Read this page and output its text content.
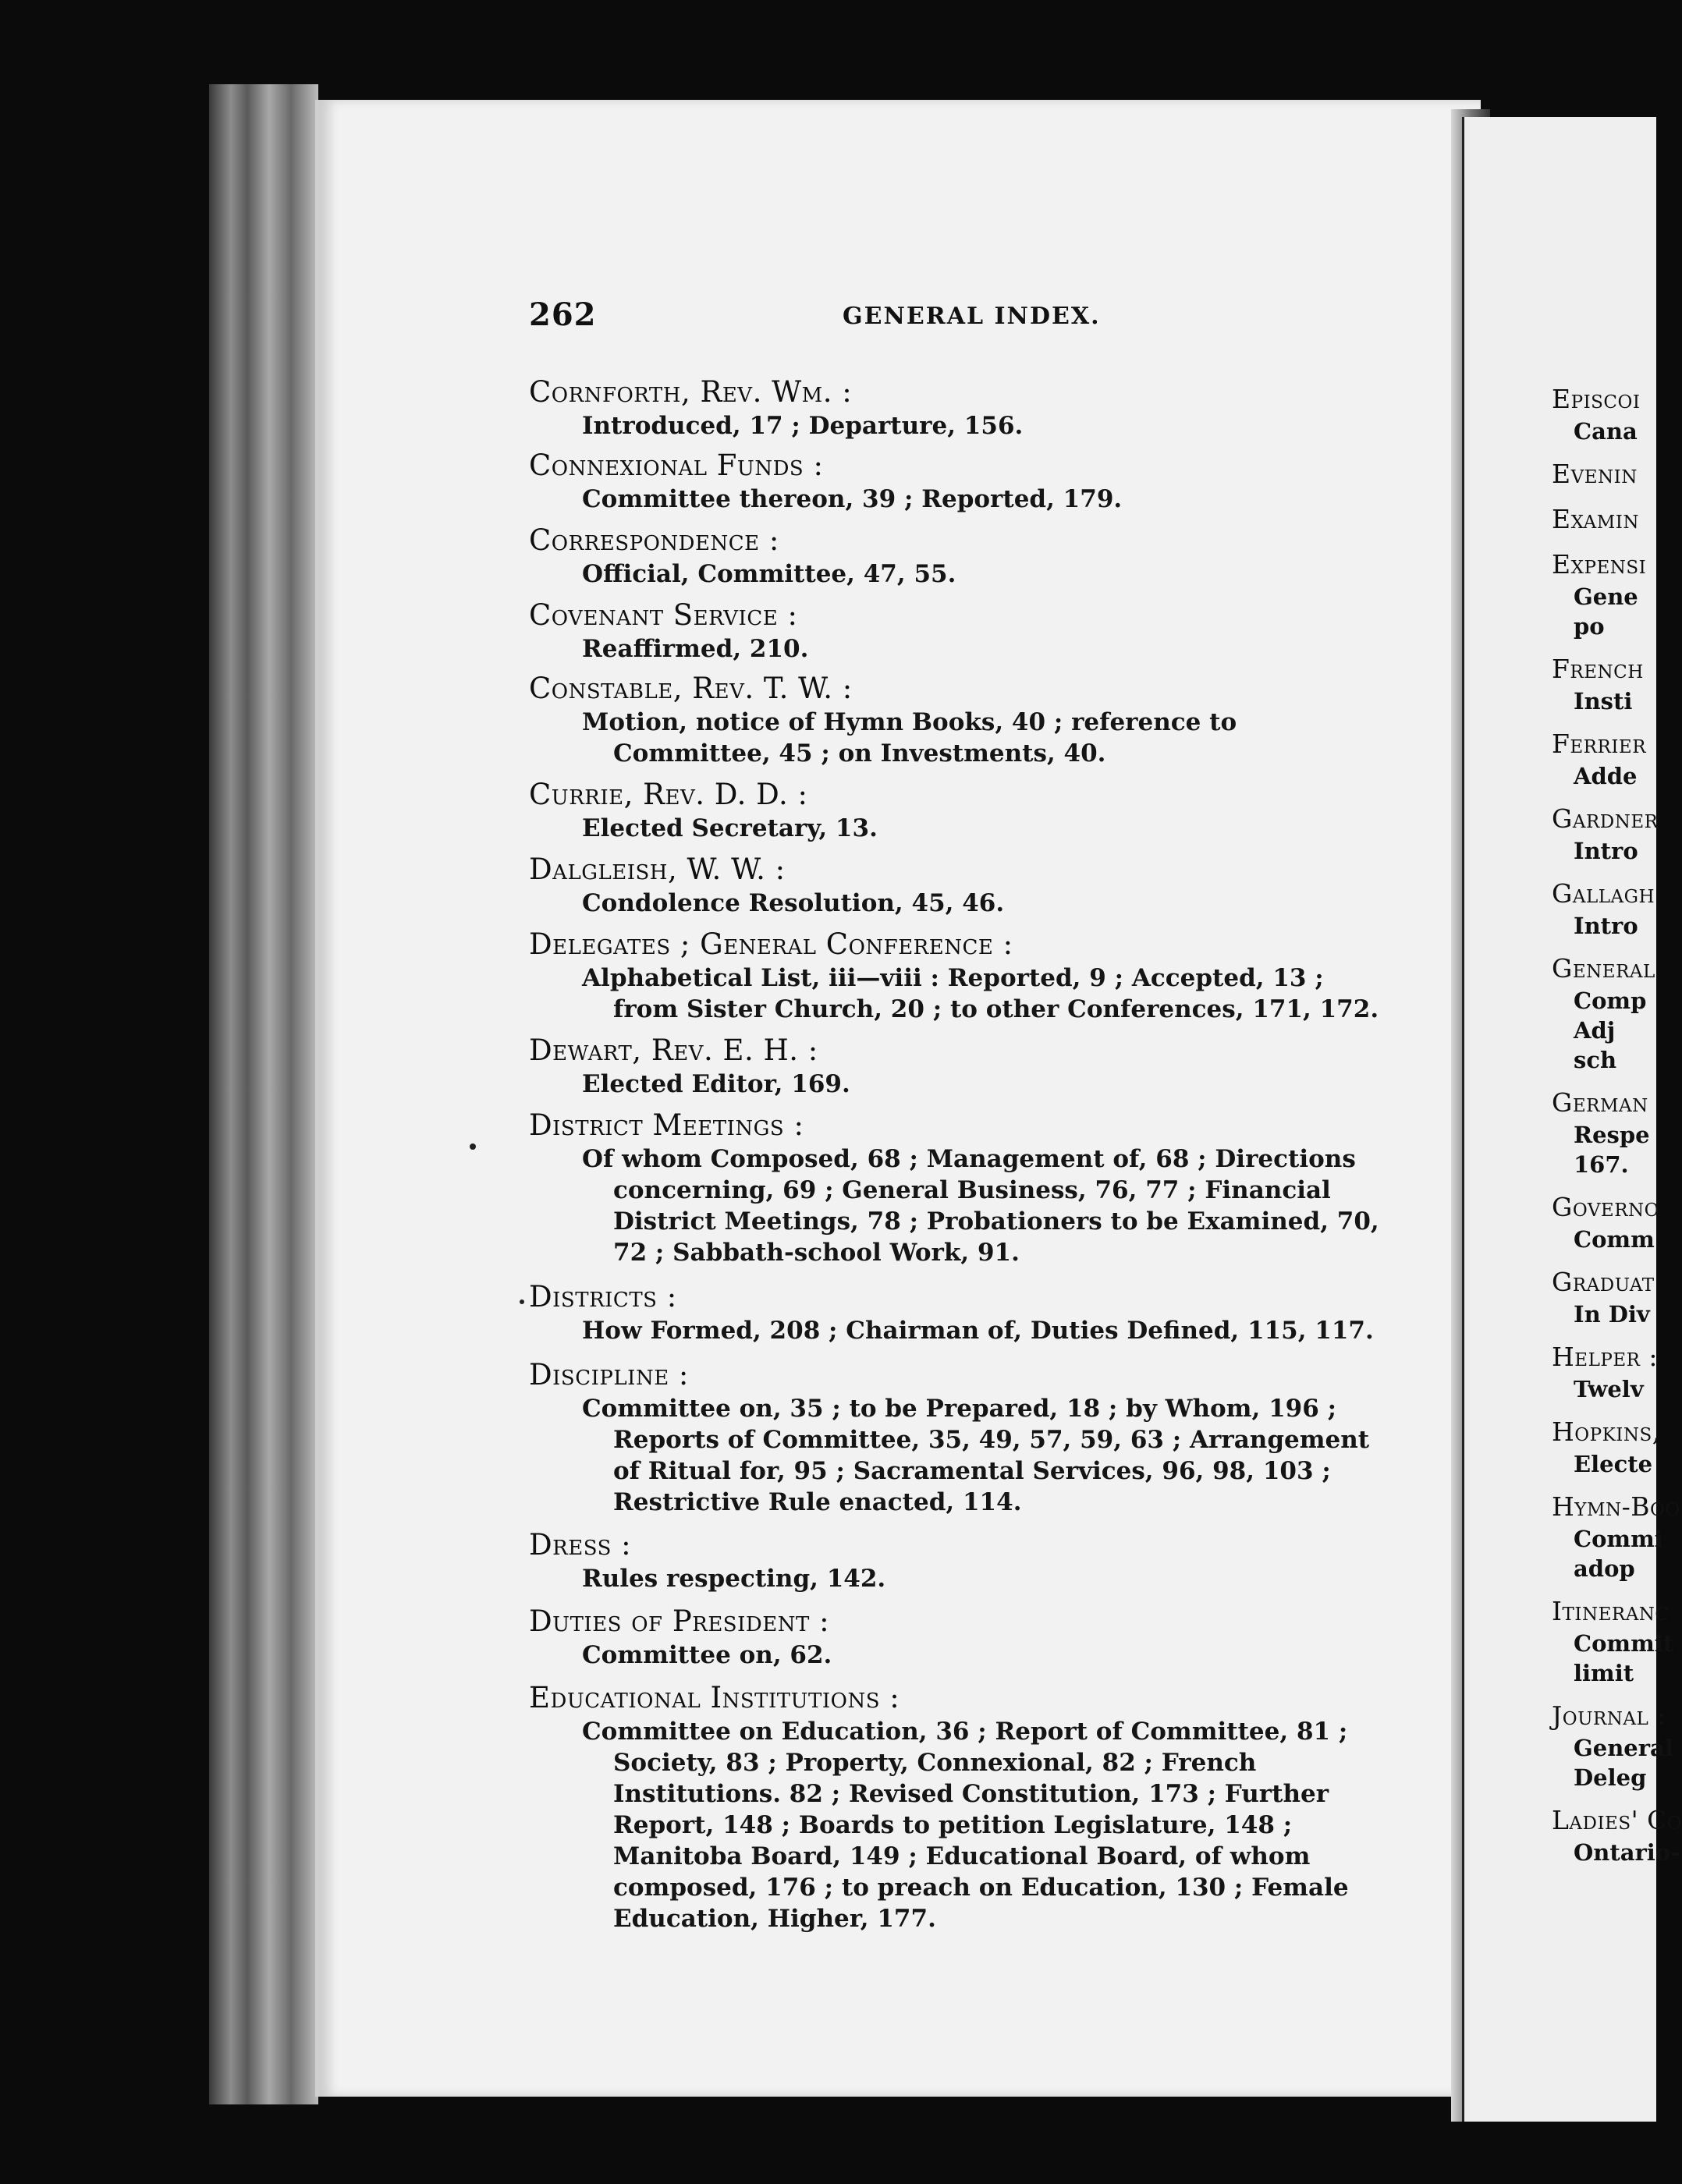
Episcoi
Cana
Evenin
Examin
Expensi
Gene
po
French
Insti
Ferrier
Adde
Gardner
Intro
Gallagh
Intro
General
Comp
Adj
sch
German
Respe
167.
Governo
Comm
Graduat
In Div
Helper :
Twelv
Hopkins,
Electe
Hymn-Boo
Commi
adop
Itineranc
Commit
limit
Journal :
General
Deleg
Ladies' Co
Ontario-
262	GENERAL INDEX.
Cornforth, Rev. Wm. :
Introduced, 17 ; Departure, 156.
Connexional Funds :
Committee thereon, 39 ; Reported, 179.
Correspondence :
Official, Committee, 47, 55.
Covenant Service :
Reaffirmed, 210.
Constable, Rev. T. W. :
Motion, notice of Hymn Books, 40 ; reference to Committee, 45 ; on Investments, 40.
Currie, Rev. D. D. :
Elected Secretary, 13.
Dalgleish, W. W. :
Condolence Resolution, 45, 46.
Delegates ; General Conference :
Alphabetical List, iii—viii : Reported, 9 ; Accepted, 13 ; from Sister Church, 20 ; to other Conferences, 171, 172.
Dewart, Rev. E. H. :
Elected Editor, 169.
District Meetings :
Of whom Composed, 68 ; Management of, 68 ; Directions concerning, 69 ; General Business, 76, 77 ; Financial District Meetings, 78 ; Probationers to be Examined, 70, 72 ; Sabbath-school Work, 91.
Districts :
How Formed, 208 ; Chairman of, Duties Defined, 115, 117.
Discipline :
Committee on, 35 ; to be Prepared, 18 ; by Whom, 196 ; Reports of Committee, 35, 49, 57, 59, 63 ; Arrangement of Ritual for, 95 ; Sacramental Services, 96, 98, 103 ; Restrictive Rule enacted, 114.
Dress :
Rules respecting, 142.
Duties of President :
Committee on, 62.
Educational Institutions :
Committee on Education, 36 ; Report of Committee, 81 ; Society, 83 ; Property, Connexional, 82 ; French Institutions. 82 ; Revised Constitution, 173 ; Further Report, 148 ; Boards to petition Legislature, 148 ; Manitoba Board, 149 ; Educational Board, of whom composed, 176 ; to preach on Education, 130 ; Female Education, Higher, 177.
